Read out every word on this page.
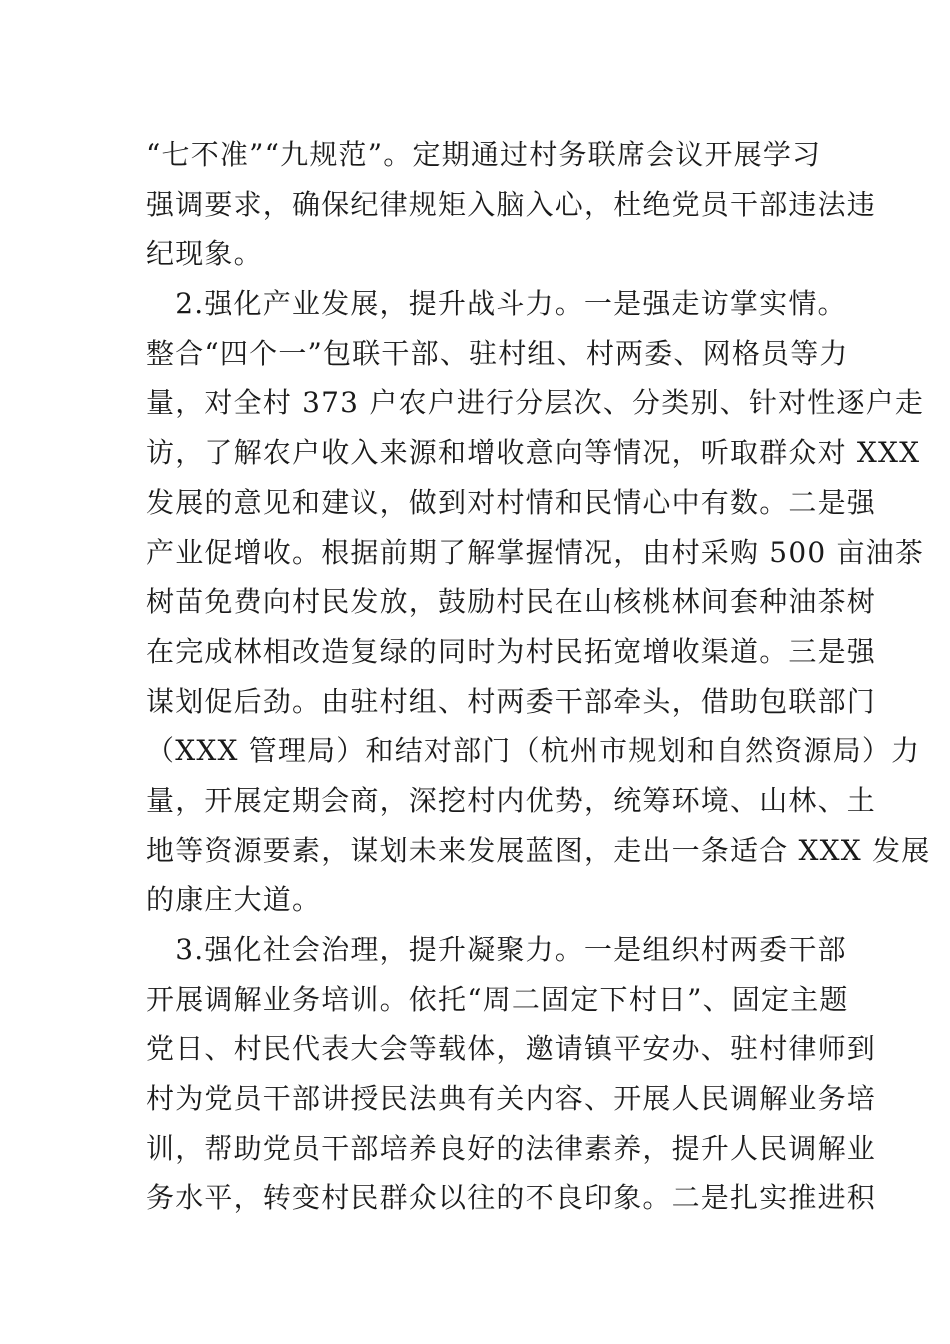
“七不准”“九规范”。定期通过村务联席会议开展学习
强调要求，确保纪律规矩入脑入心，杜绝党员干部违法违
纪现象。
　2.强化产业发展，提升战斗力。一是强走访掌实情。
整合“四个一”包联干部、驻村组、村两委、网格员等力
量，对全村 373 户农户进行分层次、分类别、针对性逐户走
访，了解农户收入来源和增收意向等情况，听取群众对 XXX
发展的意见和建议，做到对村情和民情心中有数。二是强
产业促增收。根据前期了解掌握情况，由村采购 500 亩油茶
树苗免费向村民发放，鼓励村民在山核桃林间套种油茶树
在完成林相改造复绿的同时为村民拓宽增收渠道。三是强
谋划促后劲。由驻村组、村两委干部牵头，借助包联部门
（XXX 管理局）和结对部门（杭州市规划和自然资源局）力
量，开展定期会商，深挖村内优势，统筹环境、山林、土
地等资源要素，谋划未来发展蓝图，走出一条适合 XXX 发展
的康庄大道。
　3.强化社会治理，提升凝聚力。一是组织村两委干部
开展调解业务培训。依托“周二固定下村日”、固定主题
党日、村民代表大会等载体，邀请镇平安办、驻村律师到
村为党员干部讲授民法典有关内容、开展人民调解业务培
训，帮助党员干部培养良好的法律素养，提升人民调解业
务水平，转变村民群众以往的不良印象。二是扎实推进积
